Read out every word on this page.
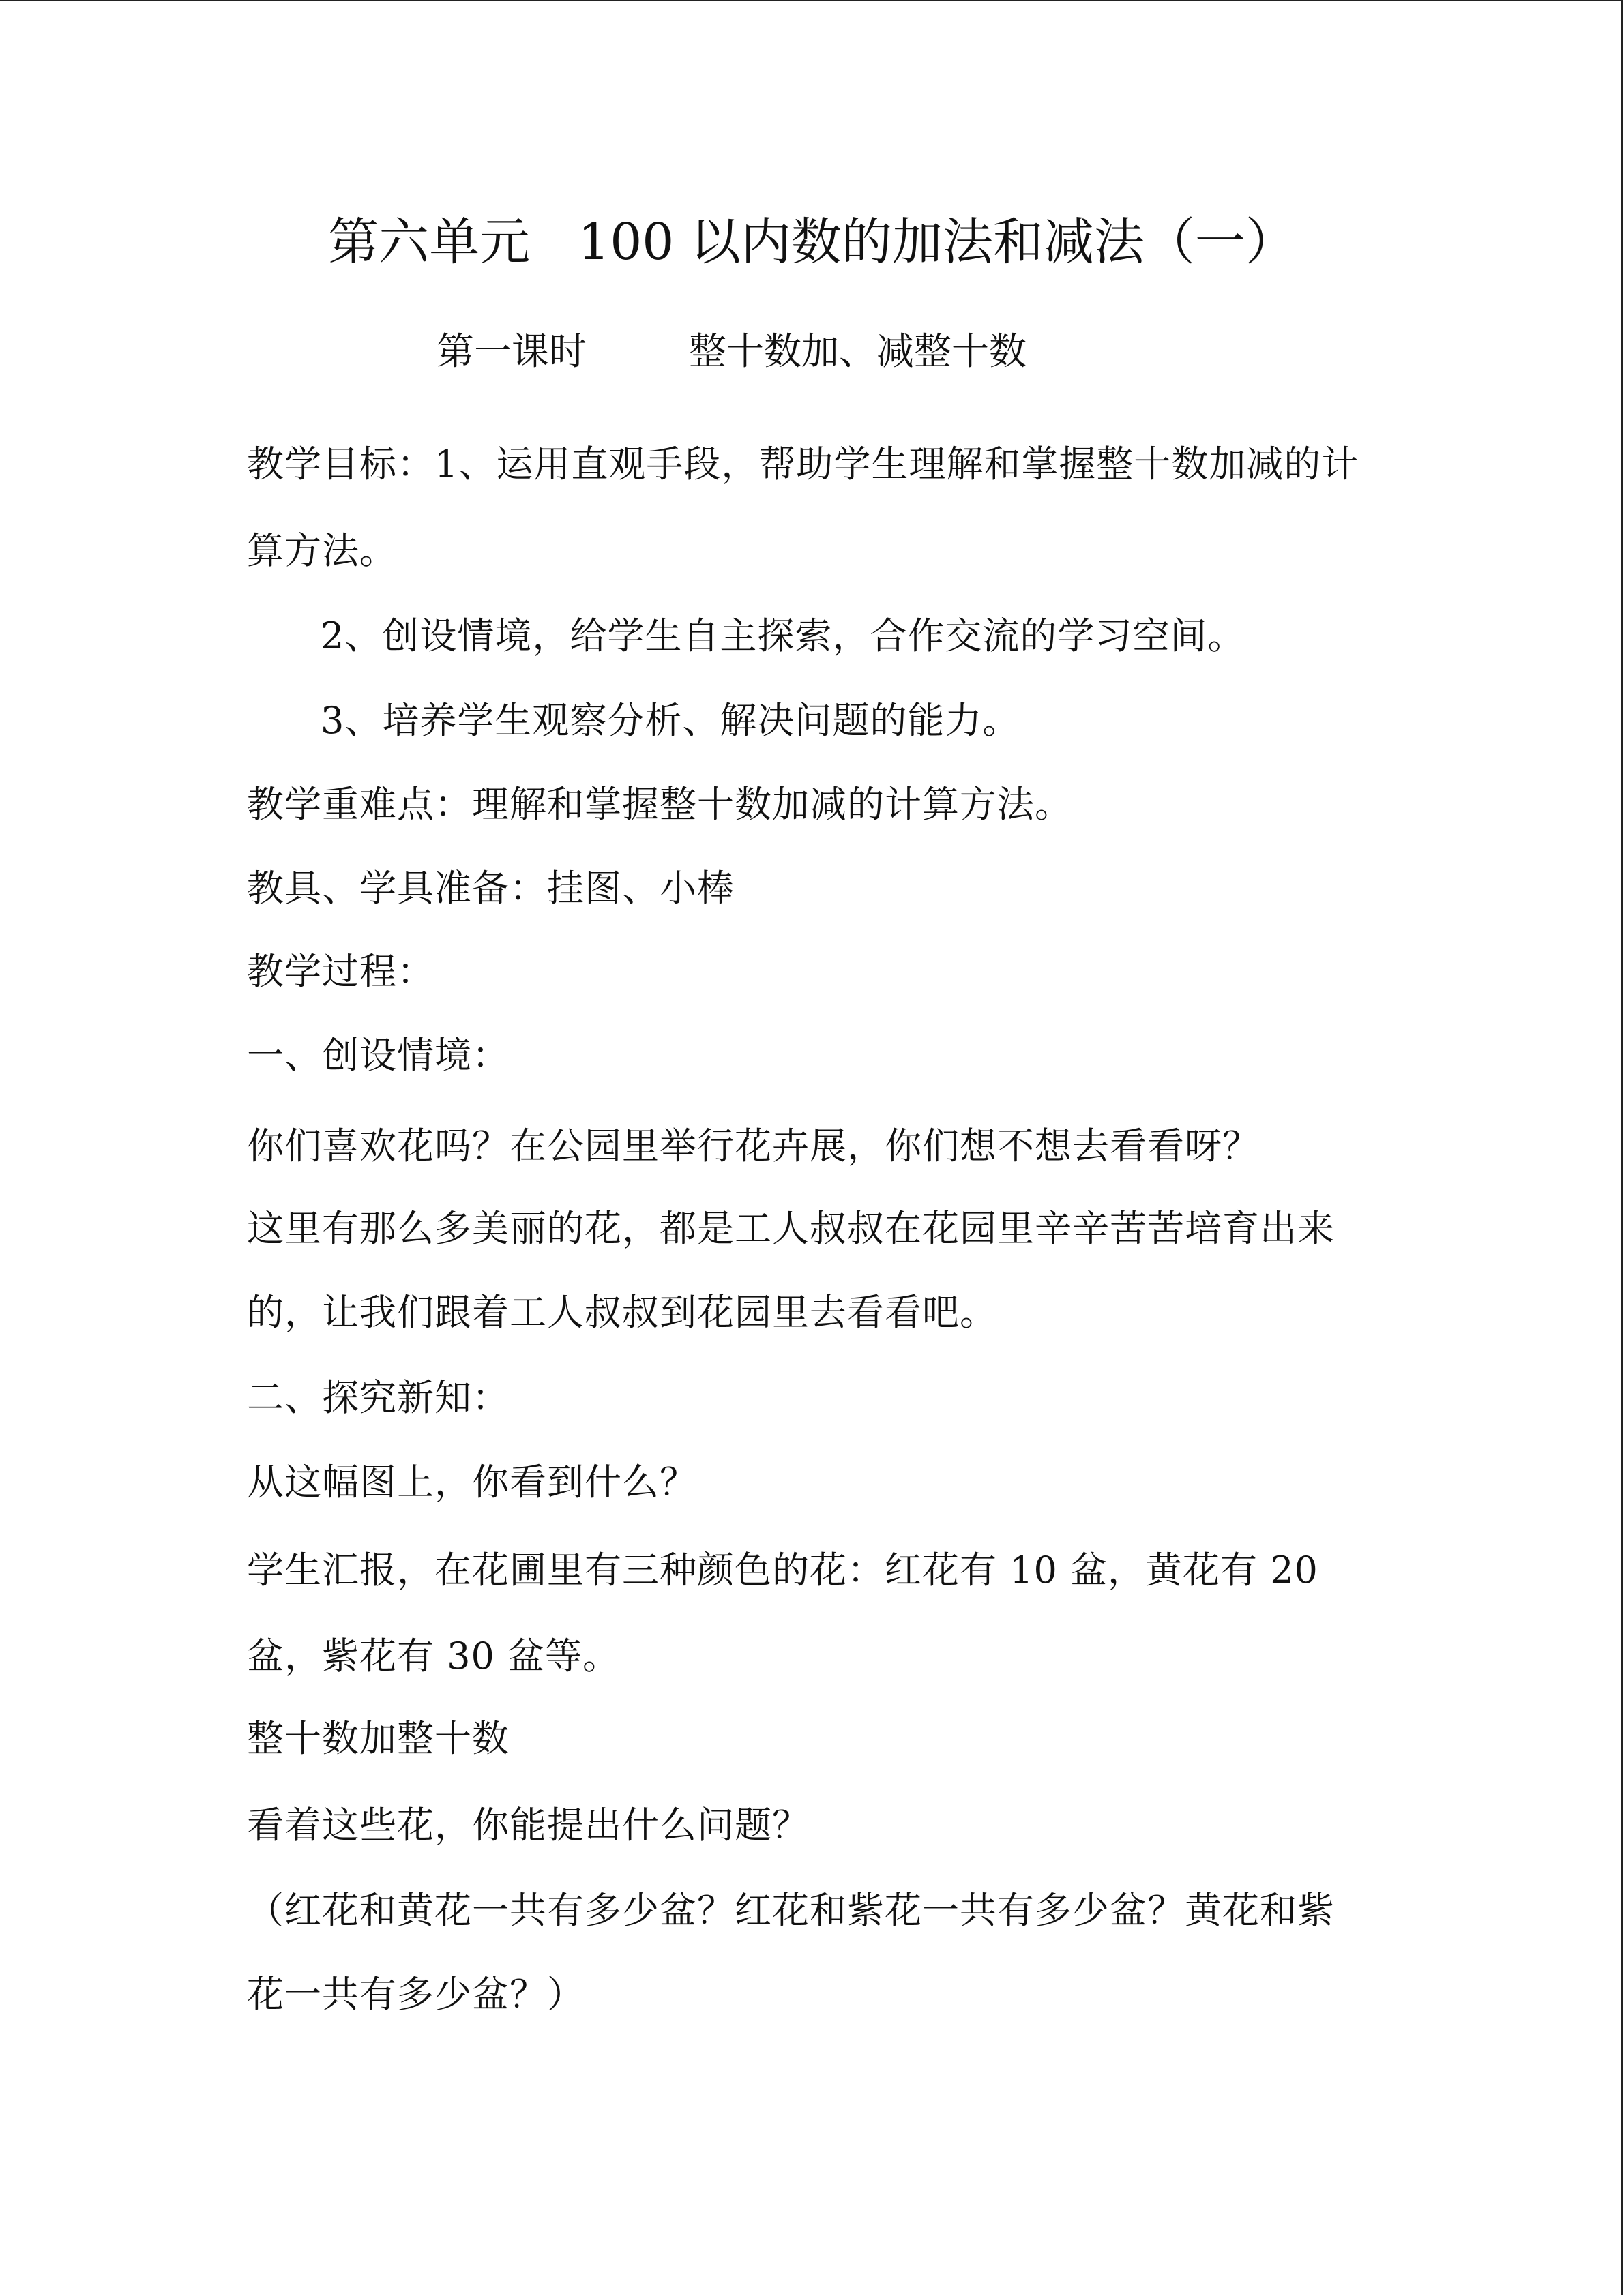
第六单元 100 以内数的加法和减法（一）
第一课时	整十数加、减整十数
教学目标：1、运用直观手段，帮助学生理解和掌握整十数加减的计
算方法。
2、创设情境，给学生自主探索，合作交流的学习空间。
3、培养学生观察分析、解决问题的能力。
教学重难点：理解和掌握整十数加减的计算方法。
教具、学具准备：挂图、小棒
教学过程：
一、创设情境：
你们喜欢花吗？在公园里举行花卉展，你们想不想去看看呀？
这里有那么多美丽的花，都是工人叔叔在花园里辛辛苦苦培育出来
的，让我们跟着工人叔叔到花园里去看看吧。
二、探究新知：
从这幅图上，你看到什么？
学生汇报，在花圃里有三种颜色的花：红花有 10 盆，黄花有 20
盆，紫花有 30 盆等。
整十数加整十数
看着这些花，你能提出什么问题？
（红花和黄花一共有多少盆？红花和紫花一共有多少盆？黄花和紫
花一共有多少盆？）
